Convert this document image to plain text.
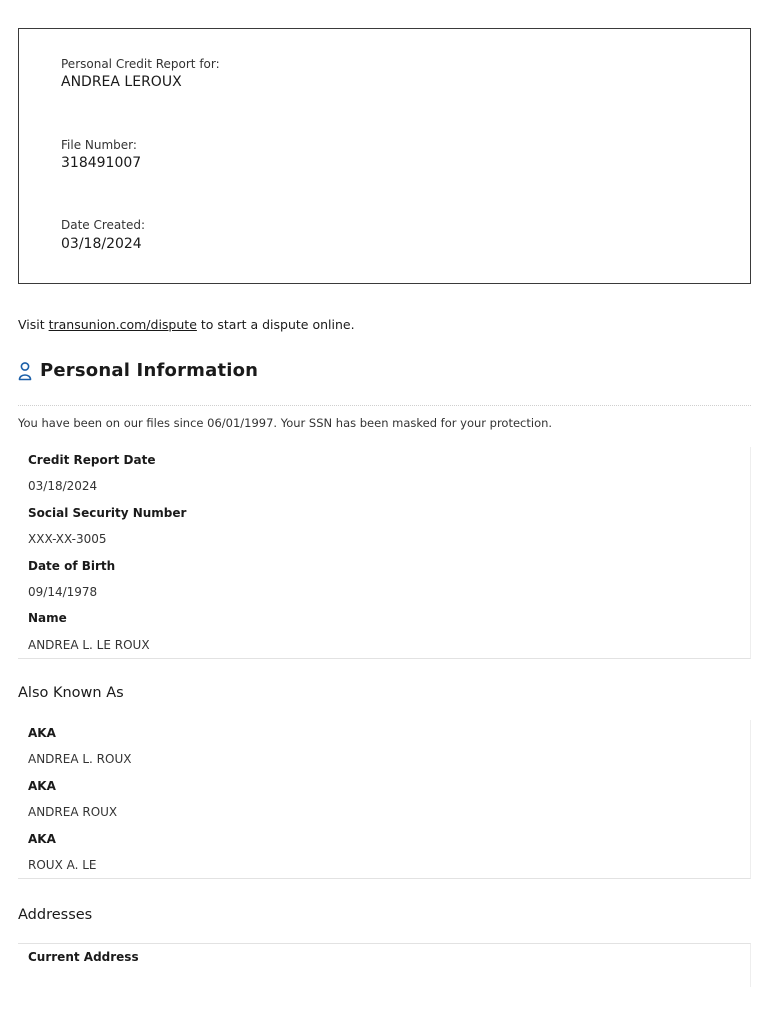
Personal Credit Report for:
ANDREA LEROUX
File Number:
318491007
Date Created:
03/18/2024
Visit transunion.com/dispute to start a dispute online.
Personal Information
You have been on our files since 06/01/1997. Your SSN has been masked for your protection.
Credit Report Date
03/18/2024
Social Security Number
XXX-XX-3005
Date of Birth
09/14/1978
Name
ANDREA L. LE ROUX
Also Known As
AKA
ANDREA L. ROUX
AKA
ANDREA ROUX
AKA
ROUX A. LE
Addresses
Current Address
